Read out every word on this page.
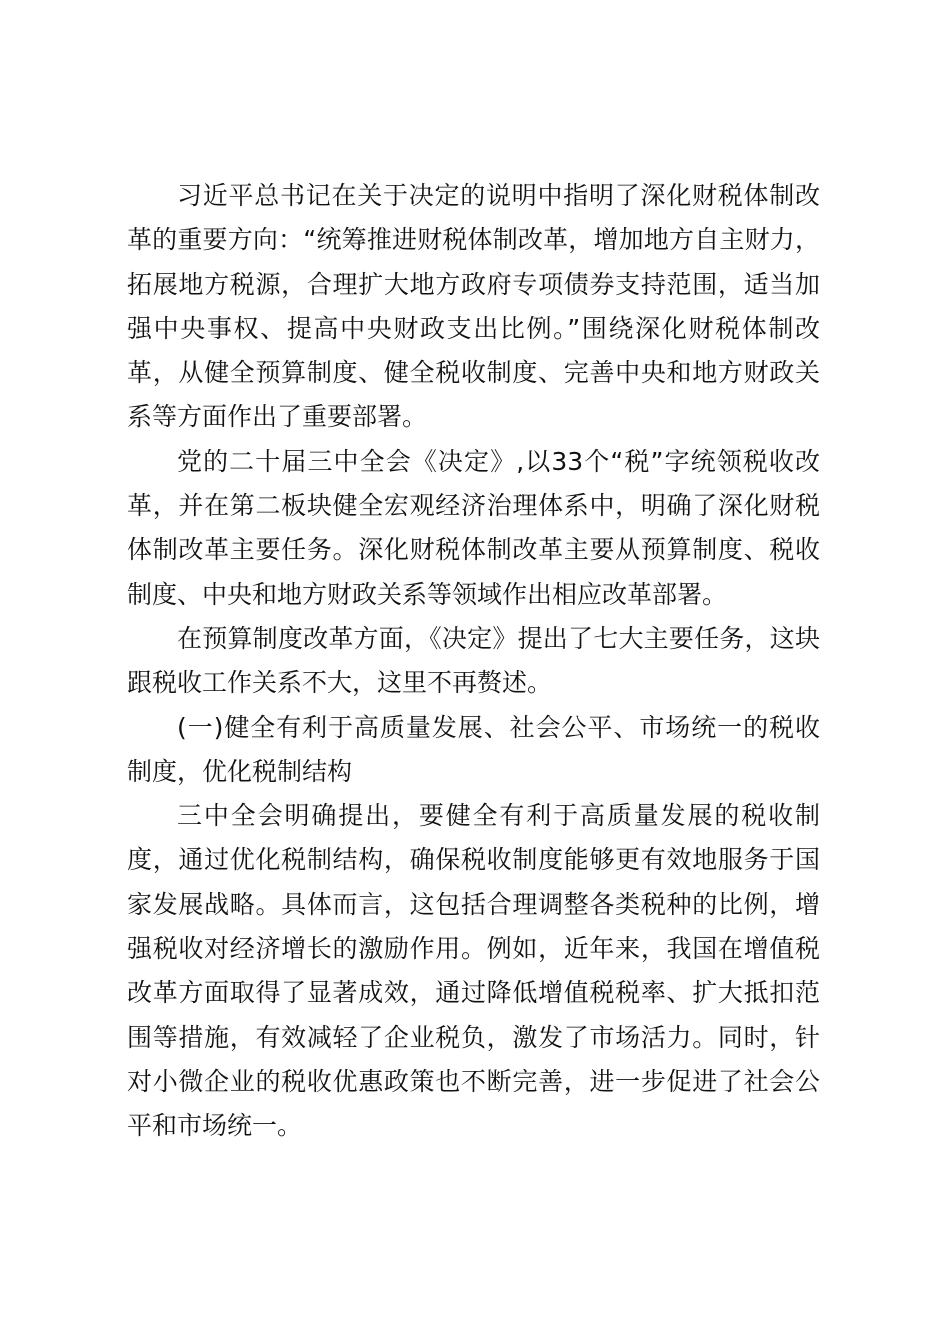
习近平总书记在关于决定的说明中指明了深化财税体制改革的重要方向：“统筹推进财税体制改革，增加地方自主财力，拓展地方税源，合理扩大地方政府专项债券支持范围，适当加强中央事权、提高中央财政支出比例。”围绕深化财税体制改革，从健全预算制度、健全税收制度、完善中央和地方财政关系等方面作出了重要部署。

党的二十届三中全会《决定》,以33个“税”字统领税收改革，并在第二板块健全宏观经济治理体系中，明确了深化财税体制改革主要任务。深化财税体制改革主要从预算制度、税收制度、中央和地方财政关系等领域作出相应改革部署。

在预算制度改革方面，《决定》提出了七大主要任务，这块跟税收工作关系不大，这里不再赘述。

(一)健全有利于高质量发展、社会公平、市场统一的税收制度，优化税制结构

三中全会明确提出，要健全有利于高质量发展的税收制度，通过优化税制结构，确保税收制度能够更有效地服务于国家发展战略。具体而言，这包括合理调整各类税种的比例，增强税收对经济增长的激励作用。例如，近年来，我国在增值税改革方面取得了显著成效，通过降低增值税税率、扩大抵扣范围等措施，有效减轻了企业税负，激发了市场活力。同时，针对小微企业的税收优惠政策也不断完善，进一步促进了社会公平和市场统一。
